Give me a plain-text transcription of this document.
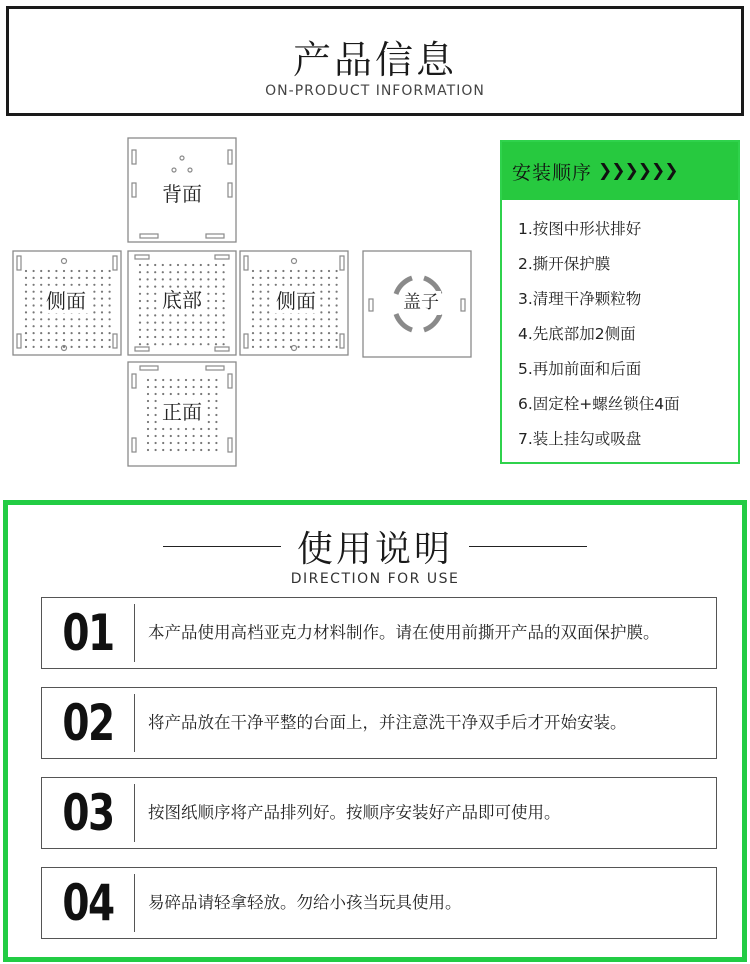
产品信息
ON-PRODUCT INFORMATION
背面
侧面	底部	侧面
正面
盖子
安装顺序 ❯❯❯❯❯❯
1.按图中形状排好
2.撕开保护膜
3.清理干净颗粒物
4.先底部加2侧面
5.再加前面和后面
6.固定栓+螺丝锁住4面
7.装上挂勾或吸盘
使用说明
DIRECTION FOR USE
01	本产品使用高档亚克力材料制作。请在使用前撕开产品的双面保护膜。
02	将产品放在干净平整的台面上，并注意洗干净双手后才开始安装。
03	按图纸顺序将产品排列好。按顺序安装好产品即可使用。
04	易碎品请轻拿轻放。勿给小孩当玩具使用。
